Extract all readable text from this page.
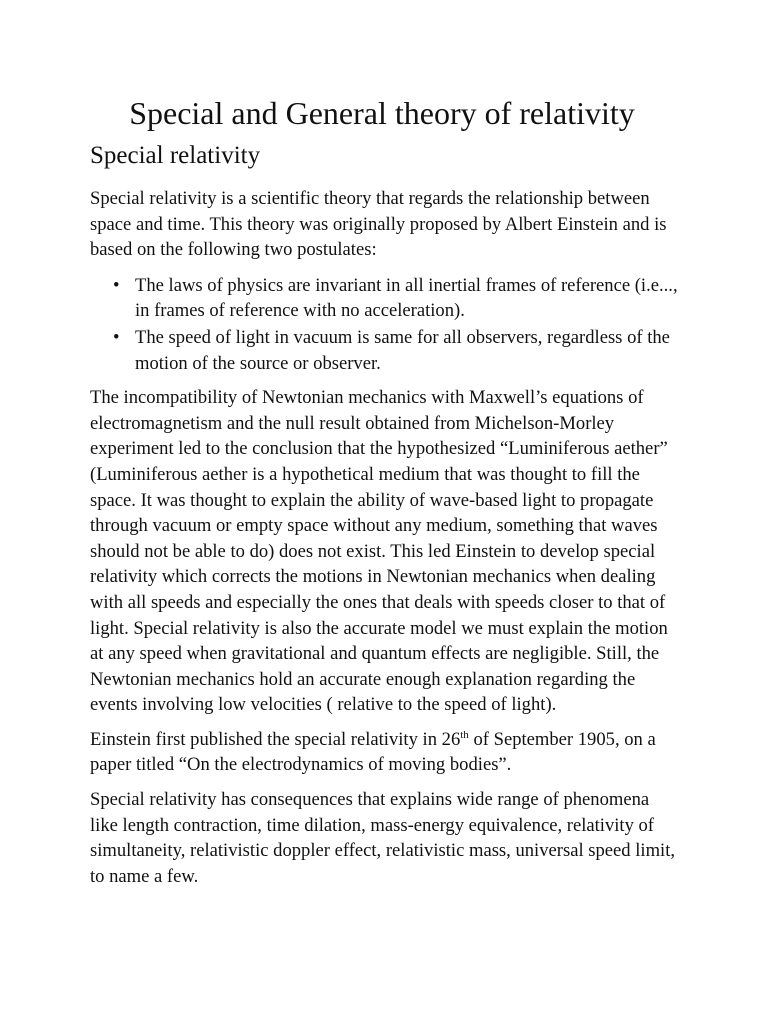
Special and General theory of relativity
Special relativity

Special relativity is a scientific theory that regards the relationship between space and time. This theory was originally proposed by Albert Einstein and is based on the following two postulates:

• The laws of physics are invariant in all inertial frames of reference (i.e..., in frames of reference with no acceleration).
• The speed of light in vacuum is same for all observers, regardless of the motion of the source or observer.

The incompatibility of Newtonian mechanics with Maxwell’s equations of electromagnetism and the null result obtained from Michelson-Morley experiment led to the conclusion that the hypothesized “Luminiferous aether” (Luminiferous aether is a hypothetical medium that was thought to fill the space. It was thought to explain the ability of wave-based light to propagate through vacuum or empty space without any medium, something that waves should not be able to do) does not exist. This led Einstein to develop special relativity which corrects the motions in Newtonian mechanics when dealing with all speeds and especially the ones that deals with speeds closer to that of light. Special relativity is also the accurate model we must explain the motion at any speed when gravitational and quantum effects are negligible. Still, the Newtonian mechanics hold an accurate enough explanation regarding the events involving low velocities ( relative to the speed of light).

Einstein first published the special relativity in 26th of September 1905, on a paper titled “On the electrodynamics of moving bodies”.

Special relativity has consequences that explains wide range of phenomena like length contraction, time dilation, mass-energy equivalence, relativity of simultaneity, relativistic doppler effect, relativistic mass, universal speed limit, to name a few.
